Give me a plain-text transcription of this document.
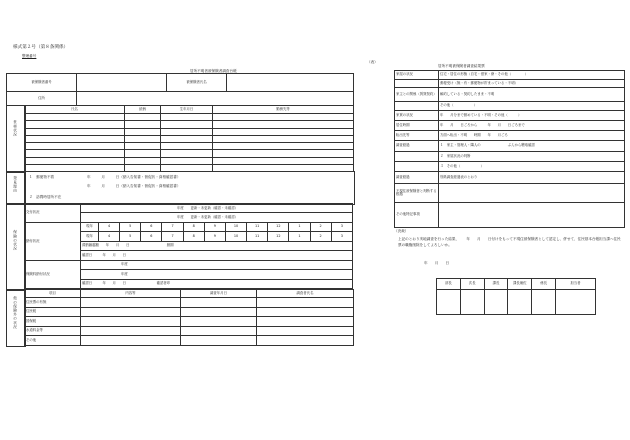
様式第２号（第８条関係）
整理番号
（表）
居所不明者被保険者調査台帳
被保険者番号		被保険者氏名	
住所			
世帯状況
氏名	続柄	生年月日	勤務先等

発見理由	１　郵便物不着	年　　　月　　　日（納入告知書・督促状・資格確認書）
年　　　月　　　日（納入告知書・督促状・資格確認書）
２　訪問時居所不在
保険の状況
交付状況	年度　　更新・未更新（確認・未確認）												
	年度　　更新・未更新（確認・未確認）												
納付状況	現年	4	5	6	7	8	9	10	11	12	1	2	3
	現年	4	5	6	7	8	9	10	11	12	1	2	3
	滞納繰越額　　 年　　月　　日　　　　　　　　　　　 納期												
	確認日　　　年　　月　　日												
保険料納付状況	年度												
	年度												
	確認日　　　年　　月　　日　　　　　　　　　 確認者印												
他の保険外の状況
項目	内容等	調査年月日	調査者氏名
住民票の有無			
住民税			
国保税			
水道料金等			
その他			
居所不明被保険者調査結果票
家屋の状況	住宅・居住の形態（自宅・借家・寮・その他（　　　　）
	郵便受け（無・有・郵便物が貯まっている・不明）
家主との関係（賃貸契約）	解約している・契約したまま・不明
	その他（　　　　　　）
家賃の状況	年　　月分まで納めている・不明・その他（　　　）
居住時期	年　　月　　日ごろから　　　年　　月　　日ごろまで
転出先等	方面へ転出・不明　　時期　　年　　月ごろ
調査経過	１　家主・管理人・隣人の　　　　　　　　ぶんから聴取確認
	２　家屋状況の判断
	３　その他（　　　　　　）
調査経過	別紙調査経過表のとおり
不現住被保険者と判断する根拠	
その他特記事項	
（決裁）
上記のとおり実地調査を行った結果、　　年　　月　　日付けをもって不現住被保険者として認定し、併せて、住民基本台帳担当課へ住民票の職権削除をしてよろしいか。
年　　月　　日
部長	次長	課長	課長補佐	係長	担当者
